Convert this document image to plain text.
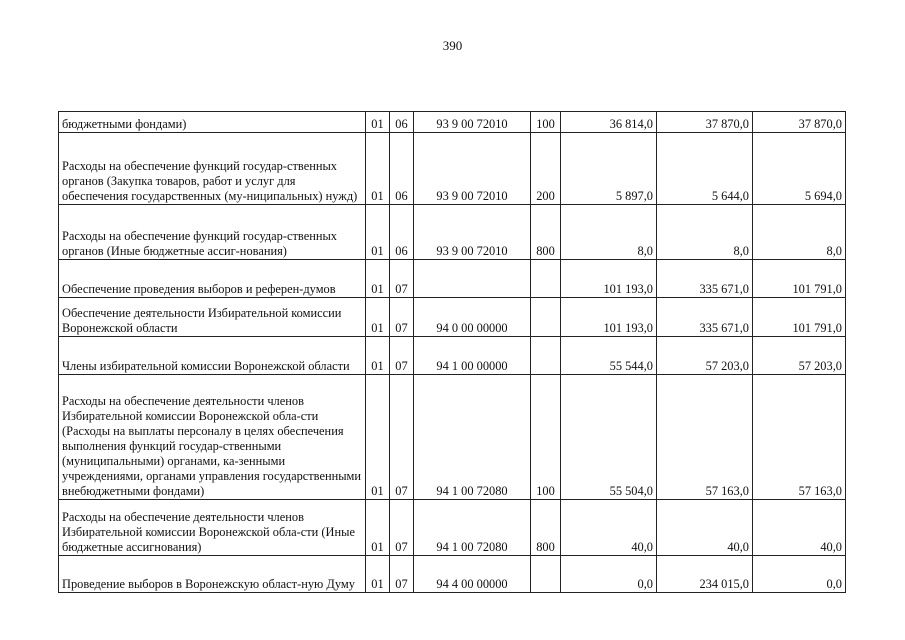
390
бюджетными фондами)	01	06	93 9 00 72010	100	36 814,0	37 870,0	37 870,0
Расходы на обеспечение функций государ-ственных органов (Закупка товаров, работ и услуг для обеспечения государственных (му-ниципальных) нужд)	01	06	93 9 00 72010	200	5 897,0	5 644,0	5 694,0
Расходы на обеспечение функций государ-ственных органов (Иные бюджетные ассиг-нования)	01	06	93 9 00 72010	800	8,0	8,0	8,0
Обеспечение проведения выборов и референ-думов	01	07			101 193,0	335 671,0	101 791,0
Обеспечение деятельности Избирательной комиссии Воронежской области	01	07	94 0 00 00000		101 193,0	335 671,0	101 791,0
Члены избирательной комиссии Воронежской области	01	07	94 1 00 00000		55 544,0	57 203,0	57 203,0
Расходы на обеспечение деятельности членов Избирательной комиссии Воронежской обла-сти (Расходы на выплаты персоналу в целях обеспечения выполнения функций государ-ственными (муниципальными) органами, ка-зенными учреждениями, органами управления государственными внебюджетными фондами)	01	07	94 1 00 72080	100	55 504,0	57 163,0	57 163,0
Расходы на обеспечение деятельности членов Избирательной комиссии Воронежской обла-сти (Иные бюджетные ассигнования)	01	07	94 1 00 72080	800	40,0	40,0	40,0
Проведение выборов в Воронежскую област-ную Думу	01	07	94 4 00 00000		0,0	234 015,0	0,0
